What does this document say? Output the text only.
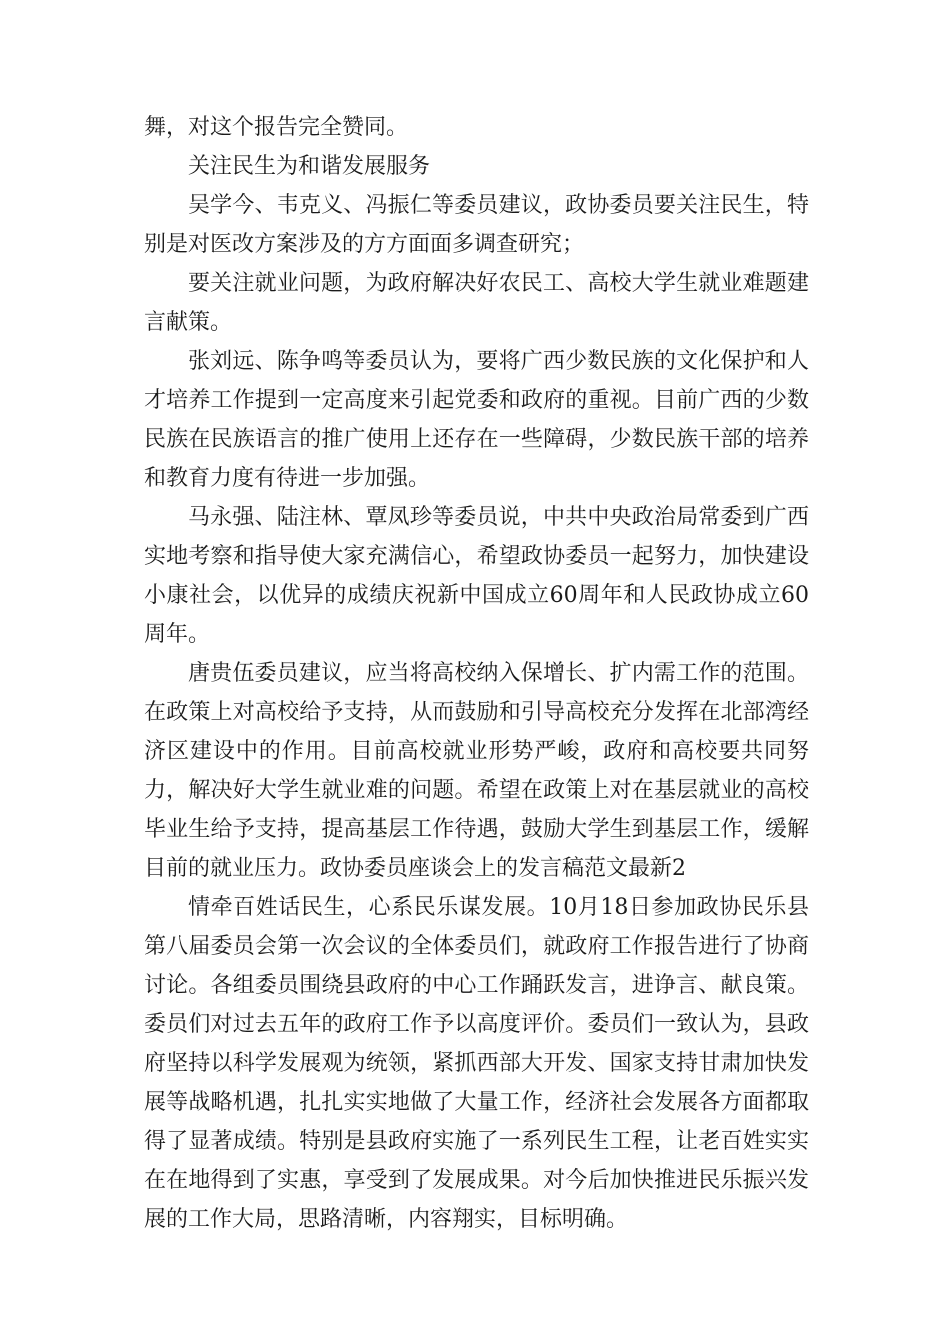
舞，对这个报告完全赞同。

关注民生为和谐发展服务

吴学今、韦克义、冯振仁等委员建议，政协委员要关注民生，特别是对医改方案涉及的方方面面多调查研究；

要关注就业问题，为政府解决好农民工、高校大学生就业难题建言献策。

张刘远、陈争鸣等委员认为，要将广西少数民族的文化保护和人才培养工作提到一定高度来引起党委和政府的重视。目前广西的少数民族在民族语言的推广使用上还存在一些障碍，少数民族干部的培养和教育力度有待进一步加强。

马永强、陆注林、覃凤珍等委员说，中共中央政治局常委到广西实地考察和指导使大家充满信心，希望政协委员一起努力，加快建设小康社会，以优异的成绩庆祝新中国成立60周年和人民政协成立60周年。

唐贵伍委员建议，应当将高校纳入保增长、扩内需工作的范围。在政策上对高校给予支持，从而鼓励和引导高校充分发挥在北部湾经济区建设中的作用。目前高校就业形势严峻，政府和高校要共同努力，解决好大学生就业难的问题。希望在政策上对在基层就业的高校毕业生给予支持，提高基层工作待遇，鼓励大学生到基层工作，缓解目前的就业压力。政协委员座谈会上的发言稿范文最新2

情牵百姓话民生，心系民乐谋发展。10月18日参加政协民乐县第八届委员会第一次会议的全体委员们，就政府工作报告进行了协商讨论。各组委员围绕县政府的中心工作踊跃发言，进诤言、献良策。委员们对过去五年的政府工作予以高度评价。委员们一致认为，县政府坚持以科学发展观为统领，紧抓西部大开发、国家支持甘肃加快发展等战略机遇，扎扎实实地做了大量工作，经济社会发展各方面都取得了显著成绩。特别是县政府实施了一系列民生工程，让老百姓实实在在地得到了实惠，享受到了发展成果。对今后加快推进民乐振兴发展的工作大局，思路清晰，内容翔实，目标明确。
